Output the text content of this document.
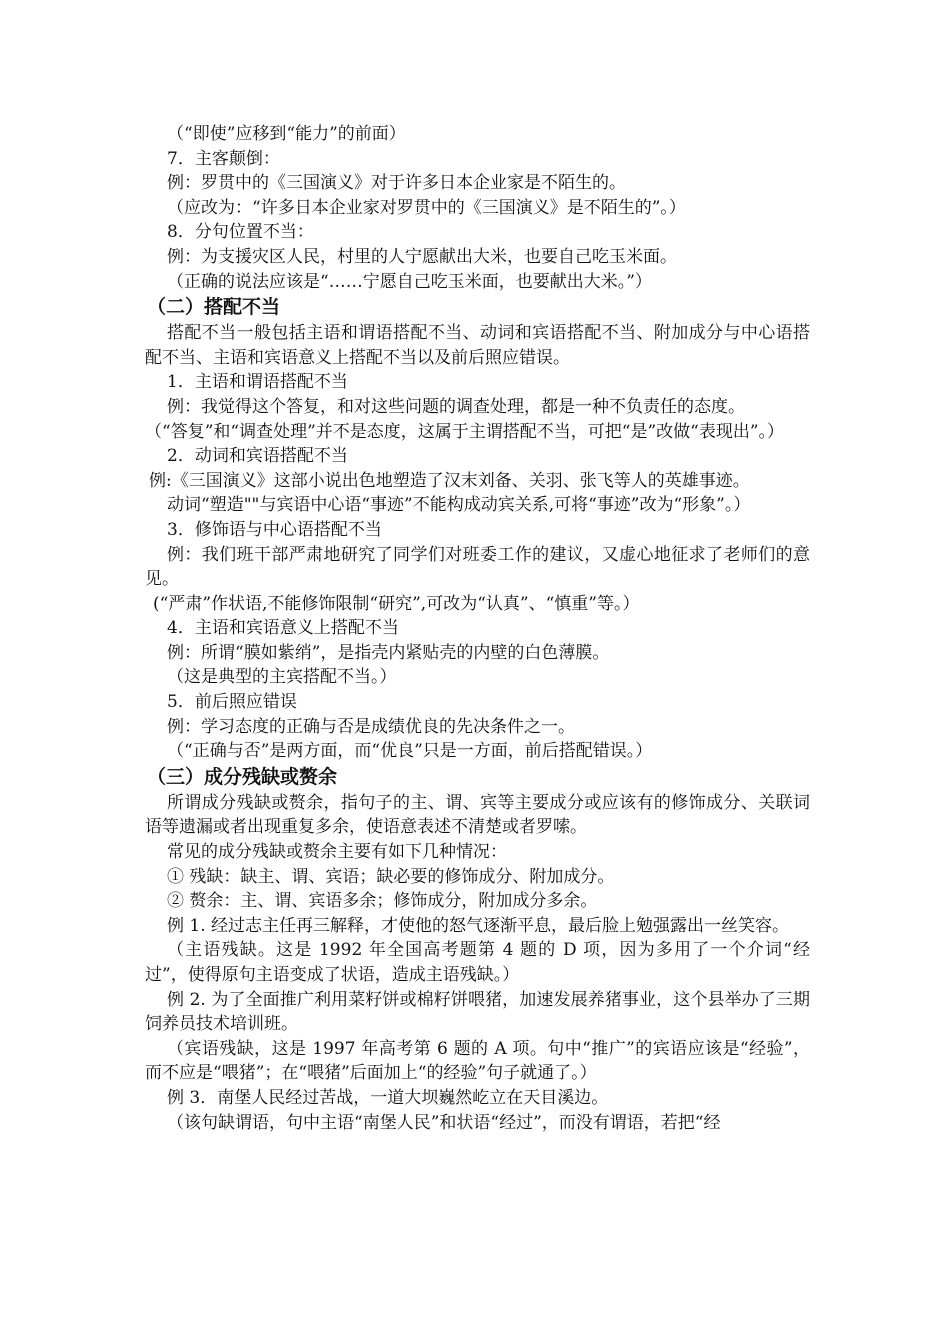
（“即使”应移到“能力”的前面）
7．主客颠倒：
例：罗贯中的《三国演义》对于许多日本企业家是不陌生的。
（应改为：“许多日本企业家对罗贯中的《三国演义》是不陌生的”。）
8．分句位置不当：
例：为支援灾区人民，村里的人宁愿献出大米，也要自己吃玉米面。
（正确的说法应该是“……宁愿自己吃玉米面，也要献出大米。”）
（二）搭配不当
搭配不当一般包括主语和谓语搭配不当、动词和宾语搭配不当、附加成分与中心语搭配不当、主语和宾语意义上搭配不当以及前后照应错误。
1．主语和谓语搭配不当
例：我觉得这个答复，和对这些问题的调查处理，都是一种不负责任的态度。
（“答复”和“调查处理”并不是态度，这属于主谓搭配不当，可把“是”改做“表现出”。）
2．动词和宾语搭配不当
例:《三国演义》这部小说出色地塑造了汉末刘备、关羽、张飞等人的英雄事迹。
动词“塑造""与宾语中心语“事迹”不能构成动宾关系,可将“事迹”改为“形象”。）
3．修饰语与中心语搭配不当
例：我们班干部严肃地研究了同学们对班委工作的建议，又虚心地征求了老师们的意见。
(“严肃”作状语,不能修饰限制“研究”,可改为“认真”、“慎重”等。）
4．主语和宾语意义上搭配不当
例：所谓“膜如紫绡”，是指壳内紧贴壳的内壁的白色薄膜。
（这是典型的主宾搭配不当。）
5．前后照应错误
例：学习态度的正确与否是成绩优良的先决条件之一。
（“正确与否”是两方面，而“优良”只是一方面，前后搭配错误。）
（三）成分残缺或赘余
所谓成分残缺或赘余，指句子的主、谓、宾等主要成分或应该有的修饰成分、关联词语等遗漏或者出现重复多余，使语意表述不清楚或者罗嗦。
常见的成分残缺或赘余主要有如下几种情况：
① 残缺：缺主、谓、宾语；缺必要的修饰成分、附加成分。
② 赘余：主、谓、宾语多余；修饰成分，附加成分多余。
例 1. 经过志主任再三解释，才使他的怒气逐渐平息，最后脸上勉强露出一丝笑容。
（主语残缺。这是 1992 年全国高考题第 4 题的 D 项，因为多用了一个介词“经过”，使得原句主语变成了状语，造成主语残缺。）
例 2. 为了全面推广利用菜籽饼或棉籽饼喂猪，加速发展养猪事业，这个县举办了三期饲养员技术培训班。
（宾语残缺，这是 1997 年高考第 6 题的 A 项。句中“推广”的宾语应该是“经验”，而不应是“喂猪”；在“喂猪”后面加上“的经验”句子就通了。）
例 3．南堡人民经过苦战，一道大坝巍然屹立在天目溪边。
（该句缺谓语，句中主语“南堡人民”和状语“经过”，而没有谓语，若把“经
